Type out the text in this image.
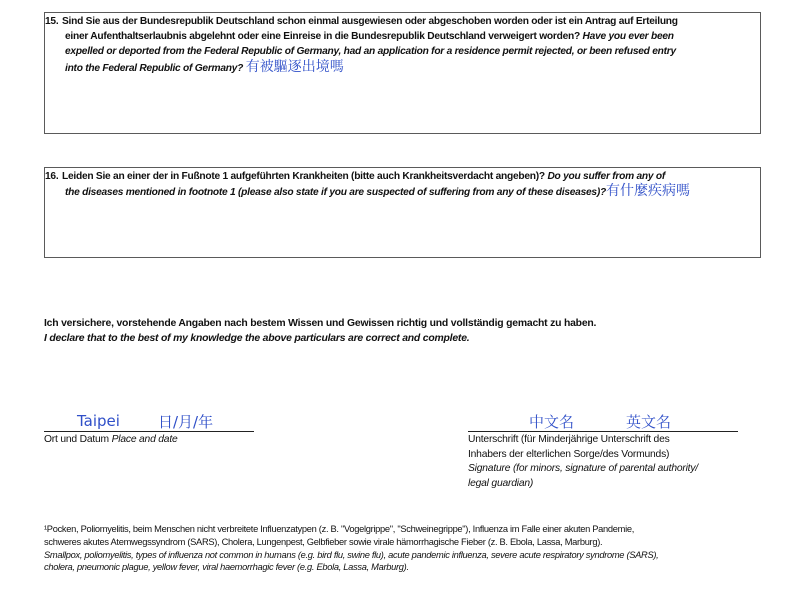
15. Sind Sie aus der Bundesrepublik Deutschland schon einmal ausgewiesen oder abgeschoben worden oder ist ein Antrag auf Erteilung
einer Aufenthaltserlaubnis abgelehnt oder eine Einreise in die Bundesrepublik Deutschland verweigert worden? Have you ever been
expelled or deported from the Federal Republic of Germany, had an application for a residence permit rejected, or been refused entry
into the Federal Republic of Germany? 有被驅逐出境嗎
16. Leiden Sie an einer der in Fußnote 1 aufgeführten Krankheiten (bitte auch Krankheitsverdacht angeben)? Do you suffer from any of
the diseases mentioned in footnote 1 (please also state if you are suspected of suffering from any of these diseases)?有什麼疾病嗎
Ich versichere, vorstehende Angaben nach bestem Wissen und Gewissen richtig und vollständig gemacht zu haben.
I declare that to the best of my knowledge the above particulars are correct and complete.
Taipei	日/月/年
Ort und Datum Place and date
中文名	英文名
Unterschrift (für Minderjährige Unterschrift des
Inhabers der elterlichen Sorge/des Vormunds)
Signature (for minors, signature of parental authority/
legal guardian)
¹Pocken, Poliomyelitis, beim Menschen nicht verbreitete Influenzatypen (z. B. "Vogelgrippe", "Schweinegrippe"), Influenza im Falle einer akuten Pandemie,
schweres akutes Atemwegssyndrom (SARS), Cholera, Lungenpest, Gelbfieber sowie virale hämorrhagische Fieber (z. B. Ebola, Lassa, Marburg).
Smallpox, poliomyelitis, types of influenza not common in humans (e.g. bird flu, swine flu), acute pandemic influenza, severe acute respiratory syndrome (SARS),
cholera, pneumonic plague, yellow fever, viral haemorrhagic fever (e.g. Ebola, Lassa, Marburg).
